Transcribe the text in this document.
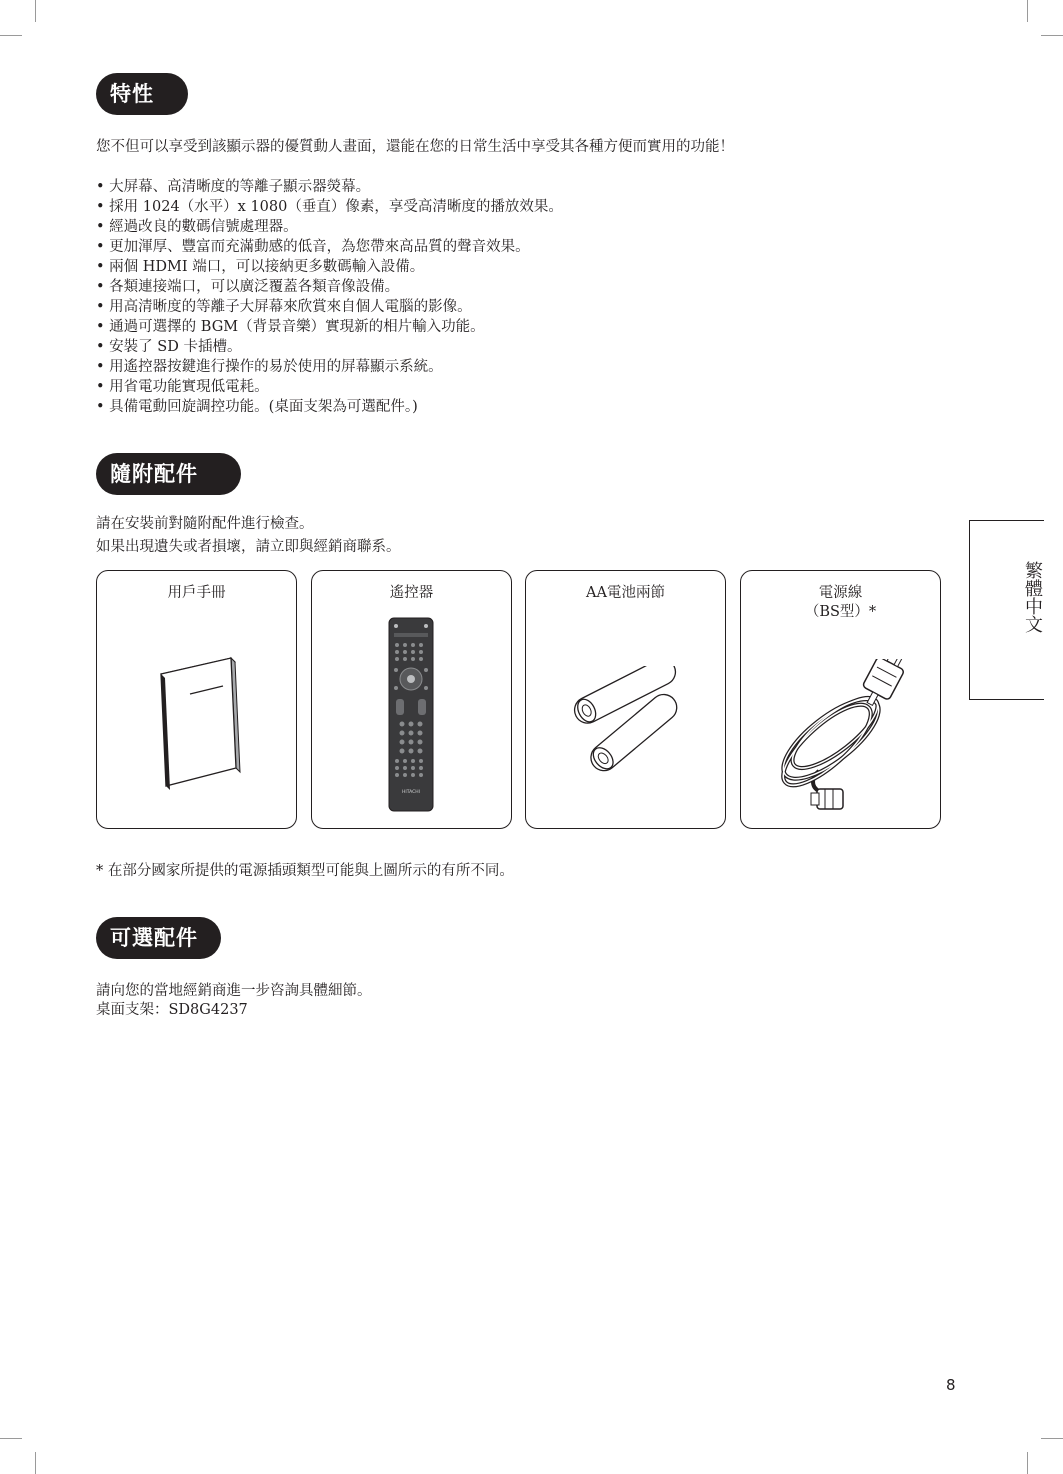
特性
您不但可以享受到該顯示器的優質動人畫面，還能在您的日常生活中享受其各種方便而實用的功能！
• 大屏幕、高清晰度的等離子顯示器熒幕。
• 採用 1024（水平）x 1080（垂直）像素，享受高清晰度的播放效果。
• 經過改良的數碼信號處理器。
• 更加渾厚、豐富而充滿動感的低音，為您帶來高品質的聲音效果。
• 兩個 HDMI 端口，可以接納更多數碼輸入設備。
• 各類連接端口，可以廣泛覆蓋各類音像設備。
• 用高清晰度的等離子大屏幕來欣賞來自個人電腦的影像。
• 通過可選擇的 BGM（背景音樂）實現新的相片輸入功能。
• 安裝了 SD 卡插槽。
• 用遙控器按鍵進行操作的易於使用的屏幕顯示系統。
• 用省電功能實現低電耗。
• 具備電動回旋調控功能。(桌面支架為可選配件。)
隨附配件
請在安裝前對隨附配件進行檢查。
如果出現遺失或者損壞，請立即與經銷商聯系。
用戶手冊	遙控器
HITACHI
AA電池兩節	電源線
（BS型）*
* 在部分國家所提供的電源插頭類型可能與上圖所示的有所不同。
可選配件
請向您的當地經銷商進一步咨詢具體細節。
桌面支架：SD8G4237
繁體中文
8
